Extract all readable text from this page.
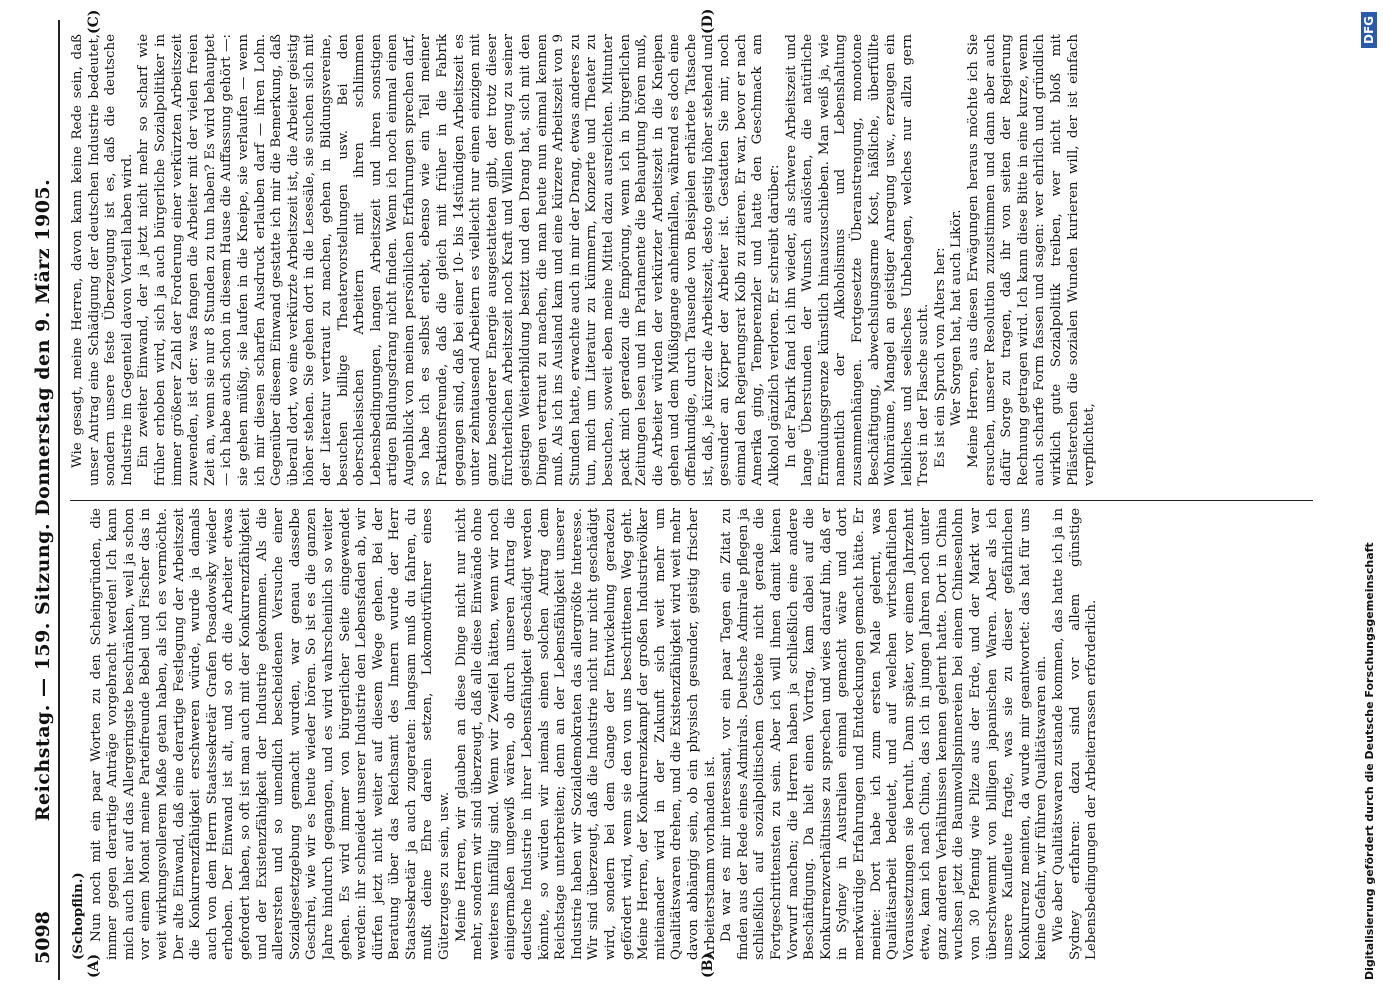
5098
Reichstag. — 159. Sitzung. Donnerstag den 9. März 1905.
(A)	(B)
(C)	(D)
(Schopflin.) Nun noch mit ein paar Worten zu den Scheingründen, die immer gegen derartige Anträge vorgebracht werden! Ich kann mich auch hier auf das Allergeringste beschränken, weil ja schon vor einem Monat meine Parteifreunde Bebel und Fischer das in weit wirkungsvollerem Maße getan haben, als ich es vermöchte. Der alte Einwand, daß eine derartige Festlegung der Arbeitszeit die Konkurrenzfähigkeit erschweren würde, wurde ja damals auch von dem Herrn Staatssekretär Grafen Posadowsky wieder erhoben. Der Einwand ist alt, und so oft die Arbeiter etwas gefordert haben, so oft ist man auch mit der Konkurrenzfähigkeit und der Existenzfähigkeit der Industrie gekommen. Als die allerersten und so unendlich bescheidenen Versuche einer Sozialgesetzgebung gemacht wurden, war genau dasselbe Geschrei, wie wir es heute wieder hören. So ist es die ganzen Jahre hindurch gegangen, und es wird wahrscheinlich so weiter gehen. Es wird immer von bürgerlicher Seite eingewendet werden: ihr schneidet unserer Industrie den Lebensfaden ab, wir dürfen jetzt nicht weiter auf diesem Wege gehen. Bei der Beratung über das Reichsamt des Innern wurde der Herr Staatssekretär ja auch zugeraten: langsam muß du fahren, du mußt deine Ehre darein setzen, Lokomotivführer eines Güterzuges zu sein, usw. Meine Herren, wir glauben an diese Dinge nicht nur nicht mehr, sondern wir sind überzeugt, daß alle diese Einwände ohne weiteres hinfällig sind. Wenn wir Zweifel hätten, wenn wir noch einigermaßen ungewiß wären, ob durch unseren Antrag die deutsche Industrie in ihrer Lebensfähigkeit geschädigt werden könnte, so würden wir niemals einen solchen Antrag dem Reichstage unterbreiten; denn an der Lebensfähigkeit unserer Industrie haben wir Sozialdemokraten das allergrößte Interesse. Wir sind überzeugt, daß die Industrie nicht nur nicht geschädigt wird, sondern bei dem Gange der Entwickelung geradezu gefördert wird, wenn sie den von uns beschrittenen Weg geht. Meine Herren, der Konkurrenzkampf der großen Industrievölker miteinander wird in der Zukunft sich weit mehr um Qualitätswaren drehen, und die Existenzfähigkeit wird weit mehr davon abhängig sein, ob ein physisch gesunder, geistig frischer Arbeiterstamm vorhanden ist. Da war es mir interessant, vor ein paar Tagen ein Zitat zu finden aus der Rede eines Admirals. Deutsche Admirale pflegen ja schließlich auf sozialpolitischem Gebiete nicht gerade die Fortgeschrittensten zu sein. Aber ich will ihnen damit keinen Vorwurf machen; die Herren haben ja schließlich eine andere Beschäftigung. Da hielt einen Vortrag, kam dabei auf die Konkurrenzverhältnisse zu sprechen und wies darauf hin, daß er in Sydney in Australien einmal gemacht wäre und dort merkwürdige Erfahrungen und Entdeckungen gemacht hätte. Er meinte: Dort habe ich zum ersten Male gelernt, was Qualitätsarbeit bedeutet, und auf welchen wirtschaftlichen Voraussetzungen sie beruht. Dann später, vor einem Jahrzehnt etwa, kam ich nach China, das ich in jungen Jahren noch unter ganz anderen Verhältnissen kennen gelernt hatte. Dort in China wuchsen jetzt die Baumwollspinnereien bei einem Chinesenlohn von 30 Pfennig wie Pilze aus der Erde, und der Markt war überschwemmt von billigen japanischen Waren. Aber als ich unsere Kaufleute fragte, was sie zu dieser gefährlichen Konkurrenz meinten, da wurde mir geantwortet: das hat für uns keine Gefahr, wir führen Qualitätswaren ein. Wie aber Qualitätswaren zustande kommen, das hatte ich ja in Sydney erfahren: dazu sind vor allem günstige Lebensbedingungen der Arbeiterrassen erforderlich.

Wie gesagt, meine Herren, davon kann keine Rede sein, daß unser Antrag eine Schädigung der deutschen Industrie bedeutet, sondern unsere feste Überzeugung ist es, daß die deutsche Industrie im Gegenteil davon Vorteil haben wird. Ein zweiter Einwand, der ja jetzt nicht mehr so scharf wie früher erhoben wird, sich ja auch bürgerliche Sozialpolitiker in immer größerer Zahl der Forderung einer verkürzten Arbeitszeit zuwenden, ist der: was fangen die Arbeiter mit der vielen freien Zeit an, wenn sie nur 8 Stunden zu tun haben? Es wird behauptet — ich habe auch schon in diesem Hause die Auffassung gehört —: sie gehen müßig, sie laufen in die Kneipe, sie verlaufen — wenn ich mir diesen scharfen Ausdruck erlauben darf — ihren Lohn. Gegenüber diesem Einwand gestatte ich mir die Bemerkung, daß überall dort, wo eine verkürzte Arbeitszeit ist, die Arbeiter geistig höher stehen. Sie gehen dort in die Lesesäle, sie suchen sich mit der Literatur vertraut zu machen, gehen in Bildungsvereine, besuchen billige Theatervorstellungen usw. Bei den oberschlesischen Arbeitern mit ihren schlimmen Lebensbedingungen, langen Arbeitszeit und ihren sonstigen artigen Bildungsdrang nicht finden. Wenn ich noch einmal einen Augenblick von meinen persönlichen Erfahrungen sprechen darf, so habe ich es selbst erlebt, ebenso wie ein Teil meiner Fraktionsfreunde, daß die gleich mit früher in die Fabrik gegangen sind, daß bei einer 10- bis 14stündigen Arbeitszeit es unter zehntausend Arbeitern es vielleicht nur einen einzigen mit ganz besonderer Energie ausgestatteten gibt, der trotz dieser fürchterlichen Arbeitszeit noch Kraft und Willen genug zu seiner geistigen Weiterbildung besitzt und den Drang hat, sich mit den Dingen vertraut zu machen, die man heute nun einmal kennen muß. Als ich ins Ausland kam und eine kürzere Arbeitszeit von 9 Stunden hatte, erwachte auch in mir der Drang, etwas anderes zu tun, mich um Literatur zu kümmern, Konzerte und Theater zu besuchen, soweit eben meine Mittel dazu ausreichten. Mitunter packt mich geradezu die Empörung, wenn ich in bürgerlichen Zeitungen lesen und im Parlamente die Behauptung hören muß, die Arbeiter würden der verkürzter Arbeitszeit in die Kneipen gehen und dem Müßiggange anheimfallen, während es doch eine offenkundige, durch Tausende von Beispielen erhärtete Tatsache ist, daß, je kürzer die Arbeitszeit, desto geistig höher stehend und gesunder an Körper der Arbeiter ist. Gestatten Sie mir, noch einmal den Regierungsrat Kolb zu zitieren. Er war, bevor er nach Amerika ging, Temperenzler und hatte den Geschmack am Alkohol gänzlich verloren. Er schreibt darüber: In der Fabrik fand ich ihn wieder, als schwere Arbeitszeit und lange Überstunden der Wunsch auslösten, die natürliche Ermüdungsgrenze künstlich hinauszuschieben. Man weiß ja, wie namentlich der Alkoholismus und Lebenshaltung zusammenhängen. Fortgesetzte Überanstrengung, monotone Beschäftigung, abwechslungsarme Kost, häßliche, überfüllte Wohnräume, Mangel an geistiger Anregung usw., erzeugen ein leibliches und seelisches Unbehagen, welches nur allzu gern Trost in der Flasche sucht. Es ist ein Spruch von Alters her: Wer Sorgen hat, hat auch Likör. Meine Herren, aus diesen Erwägungen heraus möchte ich Sie ersuchen, unserer Resolution zuzustimmen und dann aber auch dafür Sorge zu tragen, daß ihr von seiten der Regierung Rechnung getragen wird. Ich kann diese Bitte in eine kurze, wenn auch scharfe Form fassen und sagen: wer ehrlich und gründlich wirklich gute Sozialpolitik treiben, wer nicht bloß mit Pflästerchen die sozialen Wunden kurieren will, der ist einfach verpflichtet,

Digitalisierung gefördert durch die Deutsche Forschungsgemeinschaft
DFG
